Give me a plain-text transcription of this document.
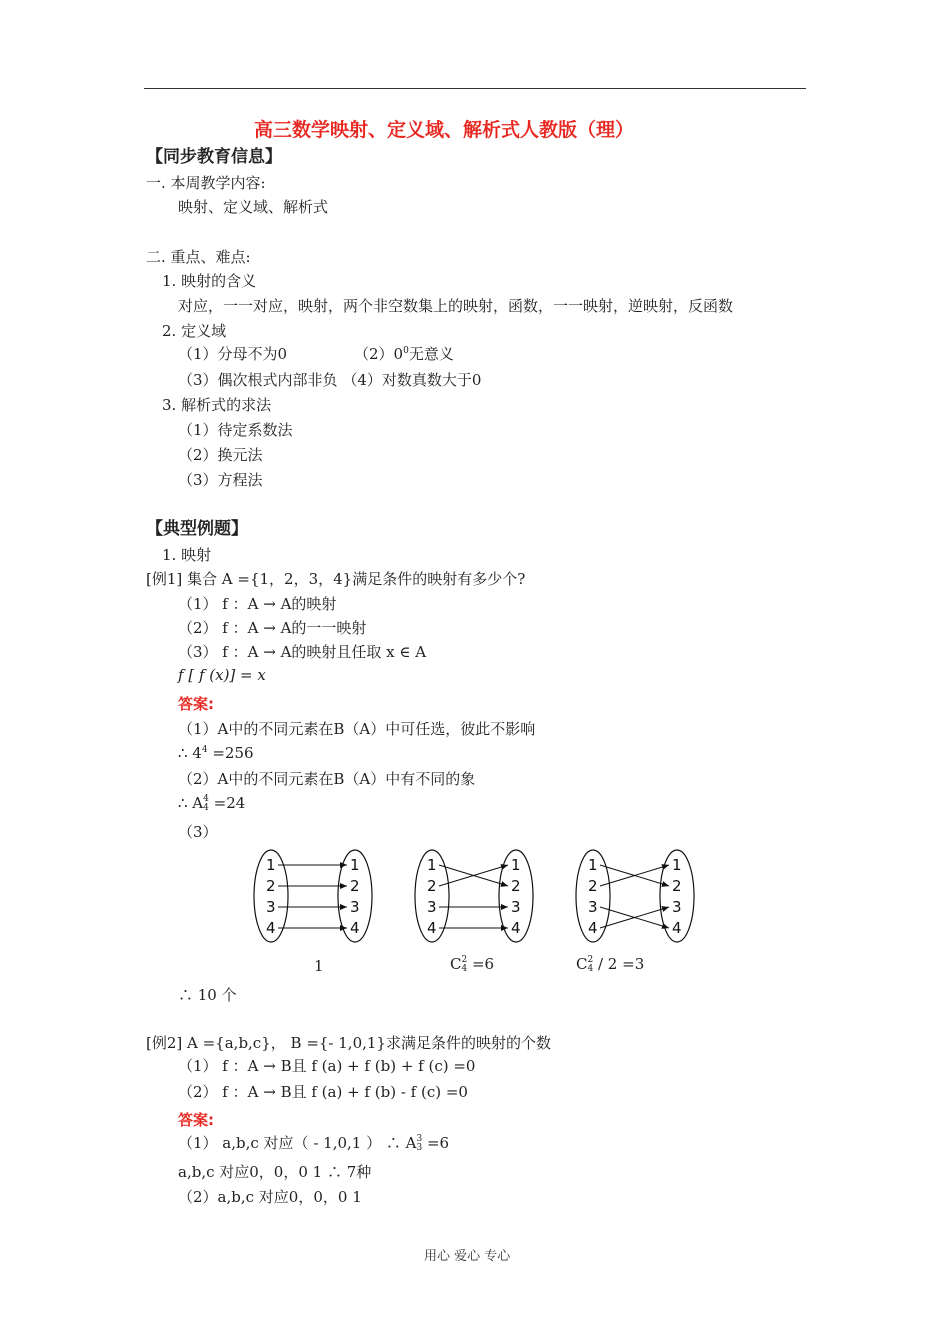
高三数学映射、定义域、解析式人教版（理）
【同步教育信息】
一. 本周教学内容:
映射、定义域、解析式
二. 重点、难点:
1. 映射的含义
对应，一一对应，映射，两个非空数集上的映射，函数，一一映射，逆映射，反函数
2. 定义域
（1）分母不为0	$(2)0^0$无意义
（3）偶次根式内部非负 （4）对数真数大于0
3. 解析式的求法
（1）待定系数法
（2）换元法
（3）方程法
【典型例题】
1. 映射
[例1] 集合 A ={1，2，3，4}满足条件的映射有多少个?
（1） f ：A → A的映射
（2） f ：A → A的一一映射
（3） f ：A → A的映射且任取 x ∈ A
f [ f (x)] = x
答案:
（1）A中的不同元素在B（A）中可任选，彼此不影响
∴ $4^4 =256$
（2）A中的不同元素在B（A）中有不同的象
∴ A 4
4 =24
（3）
1
2
3
4
1
2
3
4
1
2
3
4
1
2
3
4
1
2
3
4
1
2
3
4
1	C 2
4 =6	C 2
4 / 2 =3
∴ 10 个
[例2] A ={a,b,c}， B ={- 1,0,1}求满足条件的映射的个数
（1） f ：A → B且 f (a) + f (b) + f (c) =0
（2） f ：A → B且 f (a) + f (b) - f (c) =0
答案:
（1） a,b,c 对应（ - 1,0,1 ） ∴ A 3
3 =6
a,b,c 对应0，0，0 1 ∴ 7种
（2）a,b,c 对应0，0，0 1
用心 爱心 专心
